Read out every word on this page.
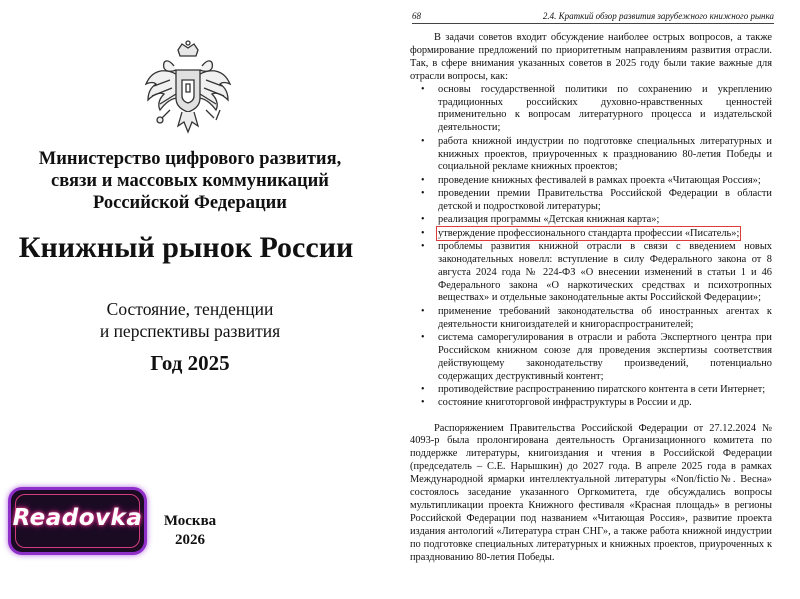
Министерство цифрового развития,
связи и массовых коммуникаций
Российской Федерации
Книжный рынок России
Состояние, тенденции
и перспективы развития
Год 2025
Москва
2026
Readovka
68	2.4. Краткий обзор развития зарубежного книжного рынка

В задачи советов входит обсуждение наиболее острых вопросов, а также формирование предложений по приоритетным направлениям развития отрасли. Так, в сфере внимания указанных советов в 2025 году были такие важные для отрасли вопросы, как:

• основы государственной политики по сохранению и укреплению традиционных российских духовно-нравственных ценностей применительно к вопросам литературного процесса и издательской деятельности;
• работа книжной индустрии по подготовке специальных литературных и книжных проектов, приуроченных к празднованию 80-летия Победы и социальной рекламе книжных проектов;
• проведение книжных фестивалей в рамках проекта «Читающая Россия»;
• проведении премии Правительства Российской Федерации в области детской и подростковой литературы;
• реализация программы «Детская книжная карта»;
• утверждение профессионального стандарта профессии «Писатель»;
• проблемы развития книжной отрасли в связи с введением новых законодательных новелл: вступление в силу Федерального закона от 8 августа 2024 года № 224-ФЗ «О внесении изменений в статьи 1 и 46 Федерального закона «О наркотических средствах и психотропных веществах» и отдельные законодательные акты Российской Федерации»;
• применение требований законодательства об иностранных агентах к деятельности книгоиздателей и книгораспространителей;
• система саморегулирования в отрасли и работа Экспертного центра при Российском книжном союзе для проведения экспертизы соответствия действующему законодательству произведений, потенциально содержащих деструктивный контент;
• противодействие распространению пиратского контента в сети Интернет;
• состояние книготорговой инфраструктуры в России и др.

Распоряжением Правительства Российской Федерации от 27.12.2024 № 4093-р была пролонгирована деятельность Организационного комитета по поддержке литературы, книгоиздания и чтения в Российской Федерации (председатель – С.Е. Нарышкин) до 2027 года. В апреле 2025 года в рамках Международной ярмарки интеллектуальной литературы «Non/fictio№. Весна» состоялось заседание указанного Оргкомитета, где обсуждались вопросы мультипликации проекта Книжного фестиваля «Красная площадь» в регионы Российской Федерации под названием «Читающая Россия», развитие проекта издания антологий «Литература стран СНГ», а также работа книжной индустрии по подготовке специальных литературных и книжных проектов, приуроченных к празднованию 80-летия Победы.
